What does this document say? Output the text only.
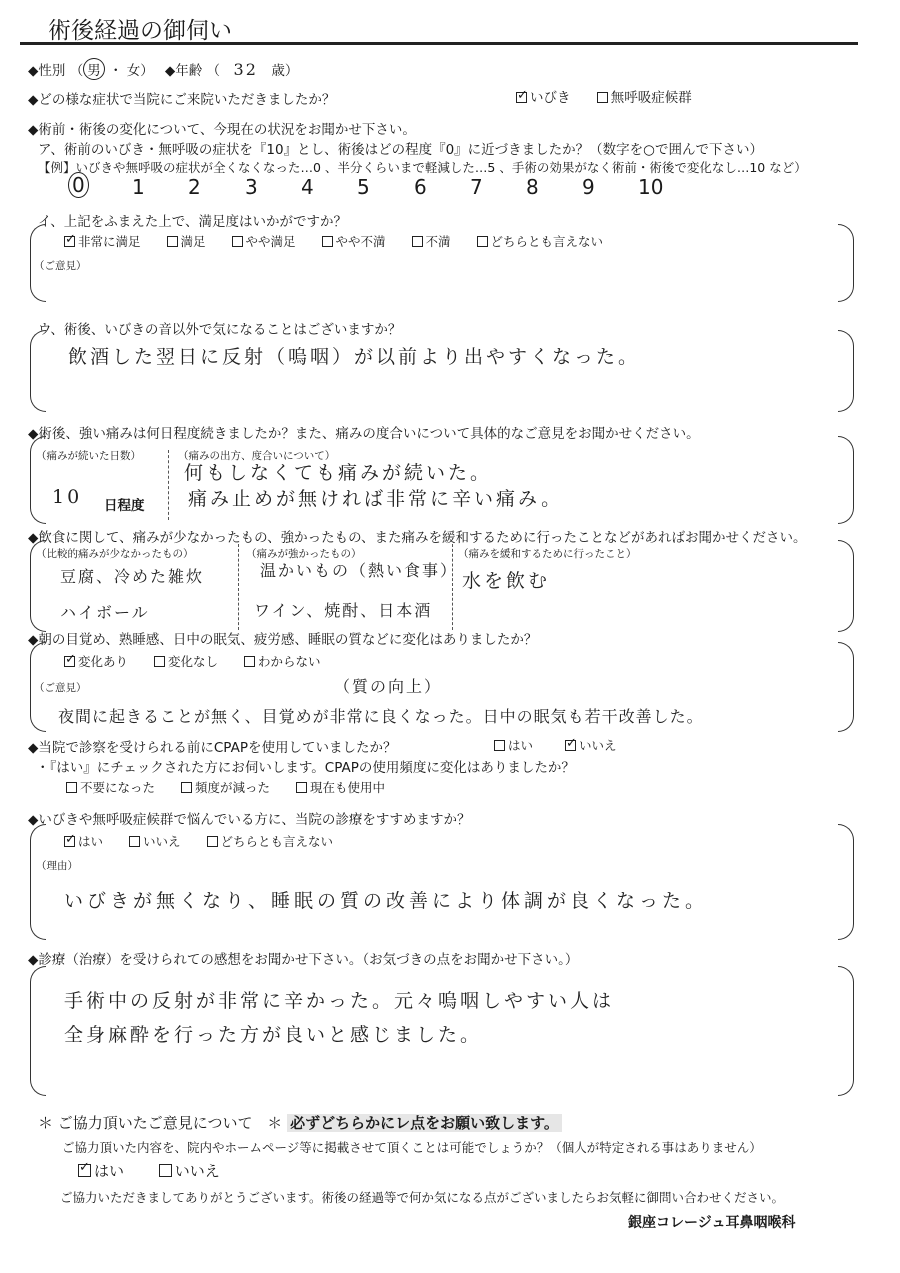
術後経過の御伺い
◆性別 （ 男 ・ 女）　 ◆年齢 （　32　 歳）
◆どの様な症状で当院にご来院いただきましたか？ ✓	いびき	無呼吸症候群
◆術前・術後の変化について、今現在の状況をお聞かせ下さい。
ア、術前のいびき・無呼吸の症状を『10』とし、術後はどの程度『0』に近づきましたか？（数字を○で囲んで下さい）
【例】いびきや無呼吸の症状が全くなくなった…0 、半分くらいまで軽減した…5 、手術の効果がなく術前・術後で変化なし…10 など）
0 1 2 3 4 5 6 7 8 9 10
イ、上記をふまえた上で、満足度はいかがですか？
✓非常に満足	満足	やや満足	やや不満	不満	どちらとも言えない
（ご意見）
ウ、術後、いびきの音以外で気になることはございますか？
飲酒した翌日に反射（嗚咽）が以前より出やすくなった。
◆術後、強い痛みは何日程度続きましたか？また、痛みの度合いについて具体的なご意見をお聞かせください。
（痛みが続いた日数）
10 日程度
（痛みの出方、度合いについて）
何もしなくても痛みが続いた。
痛み止めが無ければ非常に辛い痛み。
◆飲食に関して、痛みが少なかったもの、強かったもの、また痛みを緩和するために行ったことなどがあればお聞かせください。
（比較的痛みが少なかったもの）
豆腐、冷めた雑炊
ハイボール
（痛みが強かったもの）
温かいもの（熱い食事）
ワイン、焼酎、日本酒
（痛みを緩和するために行ったこと）
水を飲む
◆朝の目覚め、熟睡感、日中の眠気、疲労感、睡眠の質などに変化はありましたか？
✓変化あり	変化なし	わからない
（ご意見）	（質の向上）
夜間に起きることが無く、目覚めが非常に良くなった。日中の眠気も若干改善した。
◆当院で診察を受けられる前にCPAPを使用していましたか？	はい ✓	いいえ
・『はい』にチェックされた方にお伺いします。CPAPの使用頻度に変化はありましたか？
不要になった	頻度が減った	現在も使用中
◆いびきや無呼吸症候群で悩んでいる方に、当院の診療をすすめますか？
✓はい	いいえ	どちらとも言えない
（理由）
いびきが無くなり、睡眠の質の改善により体調が良くなった。
◆診療（治療）を受けられての感想をお聞かせ下さい。（お気づきの点をお聞かせ下さい。）
手術中の反射が非常に辛かった。元々嗚咽しやすい人は
全身麻酔を行った方が良いと感じました。
＊ ご協力頂いたご意見について ＊ 必ずどちらかにレ点をお願い致します。
ご協力頂いた内容を、院内やホームページ等に掲載させて頂くことは可能でしょうか？（個人が特定される事はありません）
✓はい	いいえ
ご協力いただきましてありがとうございます。術後の経過等で何か気になる点がございましたらお気軽に御問い合わせください。
銀座コレージュ耳鼻咽喉科
